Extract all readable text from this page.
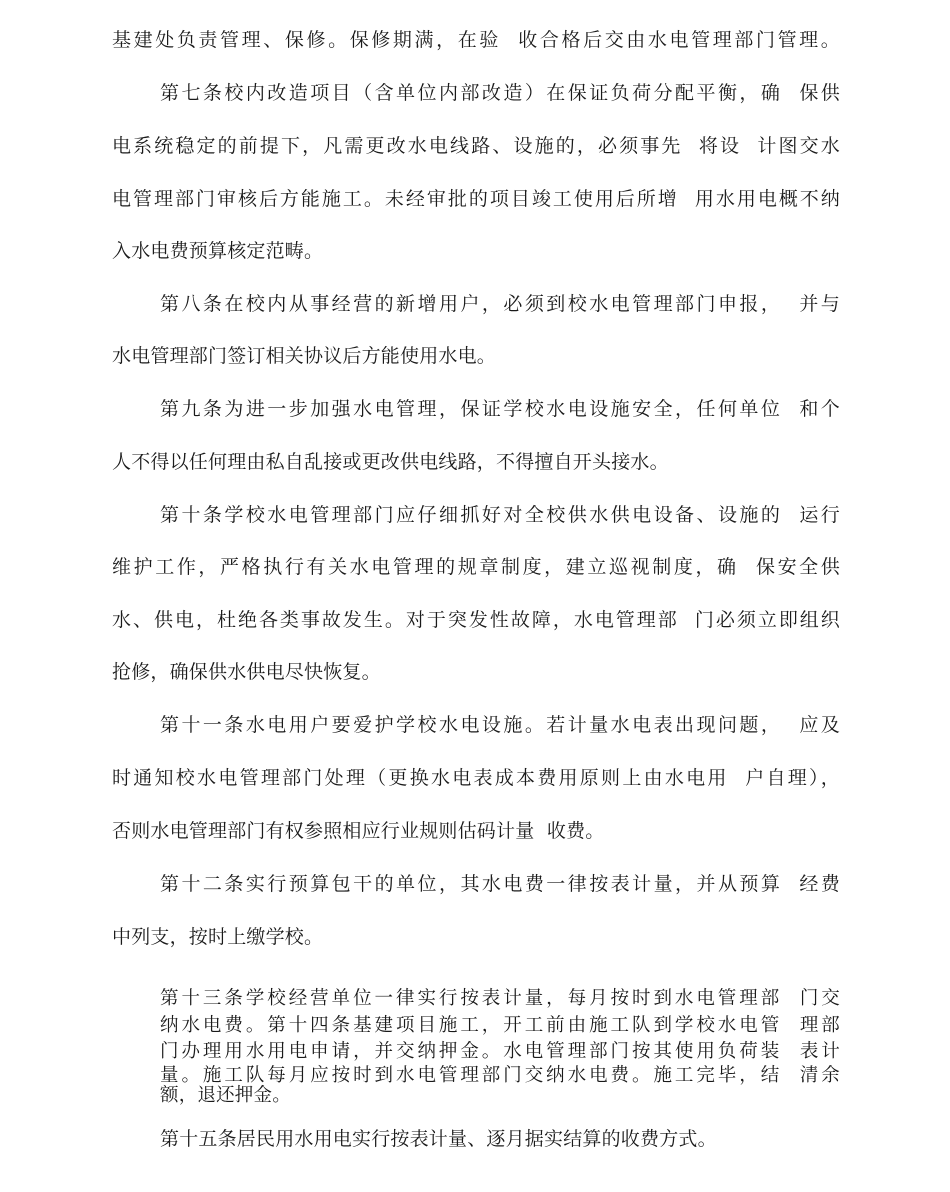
基建处负责管理、保修。保修期满，在验  收合格后交由水电管理部门管理。
第七条校内改造项目（含单位内部改造）在保证负荷分配平衡，确  保供
电系统稳定的前提下，凡需更改水电线路、设施的，必须事先  将设  计图交水
电管理部门审核后方能施工。未经审批的项目竣工使用后所增  用水用电概不纳
入水电费预算核定范畴。
第八条在校内从事经营的新增用户，必须到校水电管理部门申报，  并与
水电管理部门签订相关协议后方能使用水电。
第九条为进一步加强水电管理，保证学校水电设施安全，任何单位  和个
人不得以任何理由私自乱接或更改供电线路，不得擅自开头接水。
第十条学校水电管理部门应仔细抓好对全校供水供电设备、设施的  运行
维护工作，严格执行有关水电管理的规章制度，建立巡视制度，确  保安全供
水、供电，杜绝各类事故发生。对于突发性故障，水电管理部  门必须立即组织
抢修，确保供水供电尽快恢复。
第十一条水电用户要爱护学校水电设施。若计量水电表出现问题，  应及
时通知校水电管理部门处理（更换水电表成本费用原则上由水电用  户自理），
否则水电管理部门有权参照相应行业规则估码计量  收费。
第十二条实行预算包干的单位，其水电费一律按表计量，并从预算  经费
中列支，按时上缴学校。
第十三条学校经营单位一律实行按表计量，每月按时到水电管理部  门交
纳水电费。第十四条基建项目施工，开工前由施工队到学校水电管  理部
门办理用水用电申请，并交纳押金。水电管理部门按其使用负荷装  表计
量。施工队每月应按时到水电管理部门交纳水电费。施工完毕，结  清余
额，退还押金。
第十五条居民用水用电实行按表计量、逐月据实结算的收费方式。
